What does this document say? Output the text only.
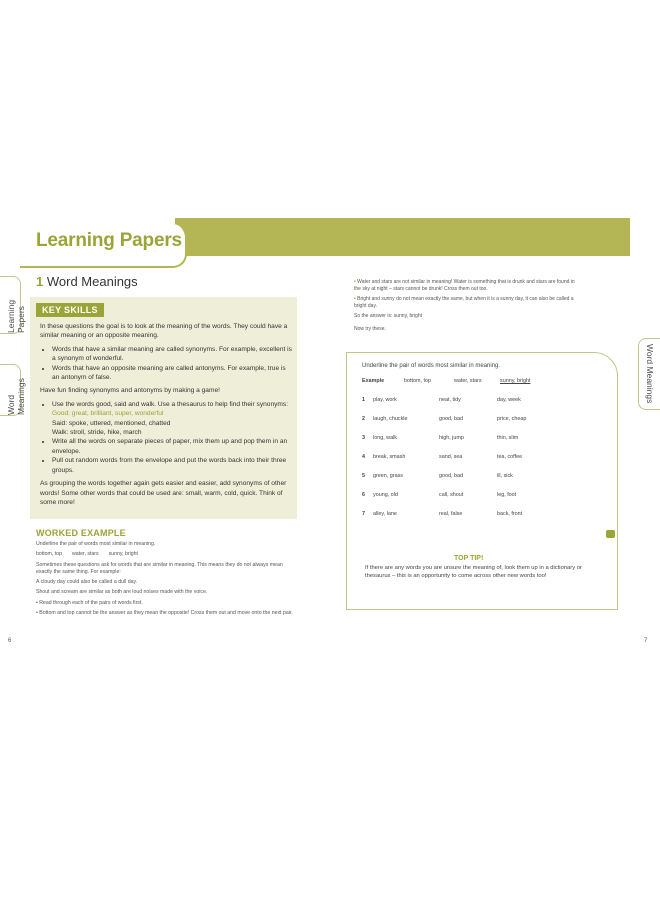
Learning Papers
Learning Papers
Word Meanings	Word Meanings
1 Word Meanings
KEY SKILLS

In these questions the goal is to look at the meaning of the words. They could have a similar meaning or an opposite meaning.

• Words that have a similar meaning are called synonyms. For example, excellent is a synonym of wonderful.
• Words that have an opposite meaning are called antonyms. For example, true is an antonym of false.

Have fun finding synonyms and antonyms by making a game!

• Use the words good, said and walk. Use a thesaurus to help find their synonyms:
Good: great, brilliant, super, wonderful
Said: spoke, uttered, mentioned, chatted
Walk: stroll, stride, hike, march
• Write all the words on separate pieces of paper, mix them up and pop them in an envelope.
• Pull out random words from the envelope and put the words back into their three groups.

As grouping the words together again gets easier and easier, add synonyms of other words! Some other words that could be used are: small, warm, cold, quick. Think of some more!

WORKED EXAMPLE

Underline the pair of words most similar in meaning.

bottom, top       water, stars       sunny, bright

Sometimes these questions ask for words that are similar in meaning. This means they do not always mean exactly the same thing. For example:

A cloudy day could also be called a dull day.

Shout and scream are similar as both are loud noises made with the voice.

• Read through each of the pairs of words first.

• Bottom and top cannot be the answer as they mean the opposite! Cross them out and move onto the next pair.

• Water and stars are not similar in meaning! Water is something that is drunk and stars are found in the sky at night – stars cannot be drunk! Cross them out too.

• Bright and sunny do not mean exactly the same, but when it is a sunny day, it can also be called a bright day.

So the answer is: sunny, bright

Now try these.

Underline the pair of words most similar in meaning.
Example	bottom, top	water, stars	sunny, bright
1 play, work	neat, tidy	day, week
2 laugh, chuckle	good, bad	price, cheap
3 long, walk	high, jump	thin, slim
4 break, smash	sand, sea	tea, coffee
5 green, grass	good, bad	ill, sick
6 young, old	call, shout	leg, foot
7 alley, lane	real, false	back, front
TOP TIP!
If there are any words you are unsure the meaning of, look them up in a dictionary or thesaurus – this is an opportunity to come across other new words too!
6	7
